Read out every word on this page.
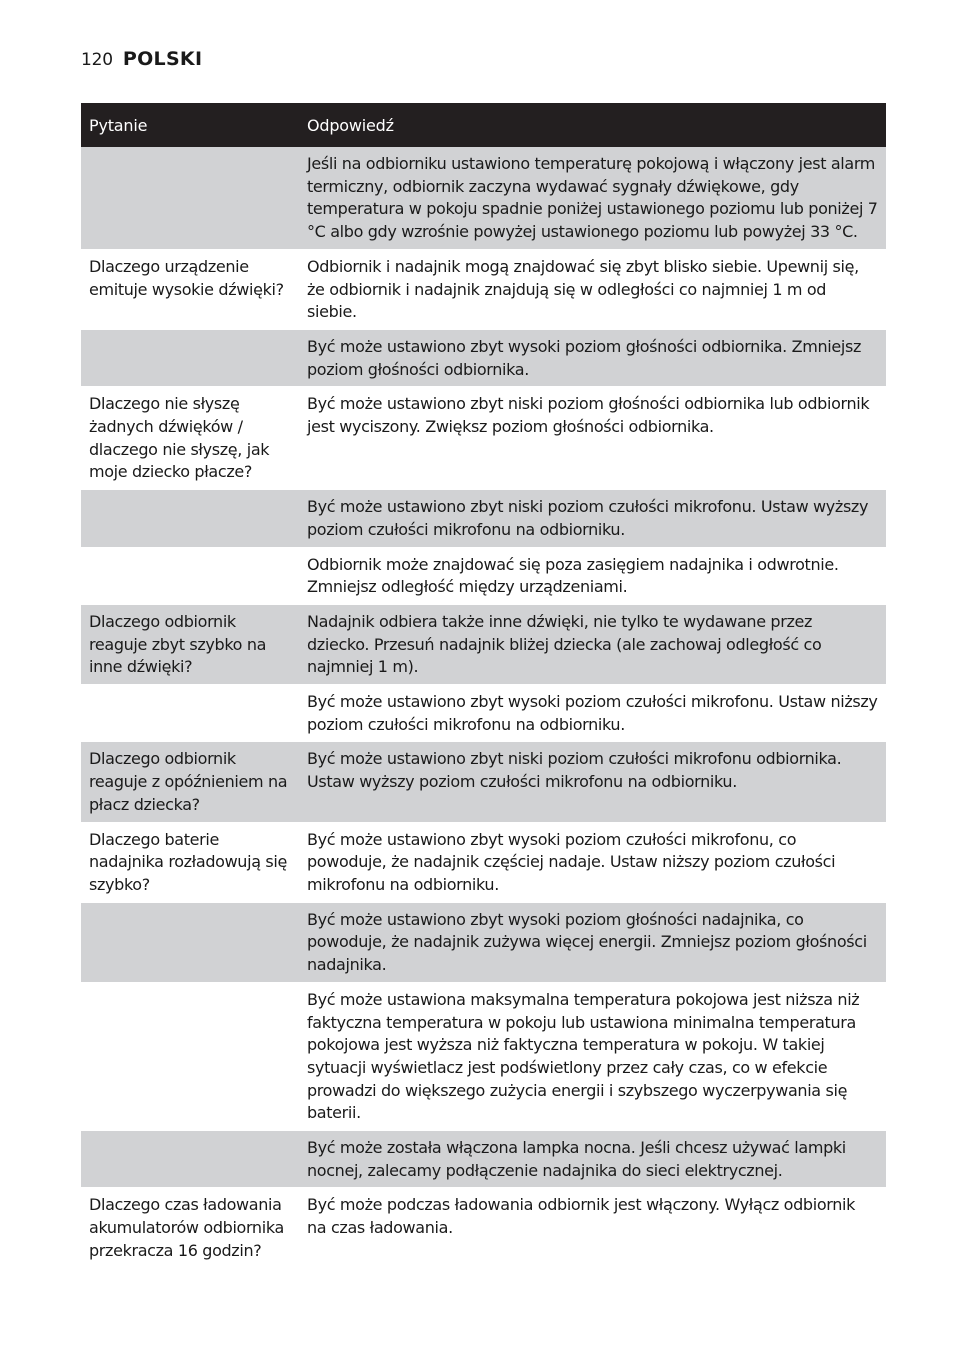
120 POLSKI
Pytanie	Odpowiedź
	Jeśli na odbiorniku ustawiono temperaturę pokojową i włączony jest alarm termiczny, odbiornik zaczyna wydawać sygnały dźwiękowe, gdy temperatura w pokoju spadnie poniżej ustawionego poziomu lub poniżej 7 °C albo gdy wzrośnie powyżej ustawionego poziomu lub powyżej 33 °C.
Dlaczego urządzenie emituje wysokie dźwięki?	Odbiornik i nadajnik mogą znajdować się zbyt blisko siebie. Upewnij się, że odbiornik i nadajnik znajdują się w odległości co najmniej 1 m od siebie.
	Być może ustawiono zbyt wysoki poziom głośności odbiornika. Zmniejsz poziom głośności odbiornika.
Dlaczego nie słyszę żadnych dźwięków / dlaczego nie słyszę, jak moje dziecko płacze?	Być może ustawiono zbyt niski poziom głośności odbiornika lub odbiornik jest wyciszony. Zwiększ poziom głośności odbiornika.
	Być może ustawiono zbyt niski poziom czułości mikrofonu. Ustaw wyższy poziom czułości mikrofonu na odbiorniku.
	Odbiornik może znajdować się poza zasięgiem nadajnika i odwrotnie. Zmniejsz odległość między urządzeniami.
Dlaczego odbiornik reaguje zbyt szybko na inne dźwięki?	Nadajnik odbiera także inne dźwięki, nie tylko te wydawane przez dziecko. Przesuń nadajnik bliżej dziecka (ale zachowaj odległość co najmniej 1 m).
	Być może ustawiono zbyt wysoki poziom czułości mikrofonu. Ustaw niższy poziom czułości mikrofonu na odbiorniku.
Dlaczego odbiornik reaguje z opóźnieniem na płacz dziecka?	Być może ustawiono zbyt niski poziom czułości mikrofonu odbiornika. Ustaw wyższy poziom czułości mikrofonu na odbiorniku.
Dlaczego baterie nadajnika rozładowują się szybko?	Być może ustawiono zbyt wysoki poziom czułości mikrofonu, co powoduje, że nadajnik częściej nadaje. Ustaw niższy poziom czułości mikrofonu na odbiorniku.
	Być może ustawiono zbyt wysoki poziom głośności nadajnika, co powoduje, że nadajnik zużywa więcej energii. Zmniejsz poziom głośności nadajnika.
	Być może ustawiona maksymalna temperatura pokojowa jest niższa niż faktyczna temperatura w pokoju lub ustawiona minimalna temperatura pokojowa jest wyższa niż faktyczna temperatura w pokoju. W takiej sytuacji wyświetlacz jest podświetlony przez cały czas, co w efekcie prowadzi do większego zużycia energii i szybszego wyczerpywania się baterii.
	Być może została włączona lampka nocna. Jeśli chcesz używać lampki nocnej, zalecamy podłączenie nadajnika do sieci elektrycznej.
Dlaczego czas ładowania akumulatorów odbiornika przekracza 16 godzin?	Być może podczas ładowania odbiornik jest włączony. Wyłącz odbiornik na czas ładowania.
